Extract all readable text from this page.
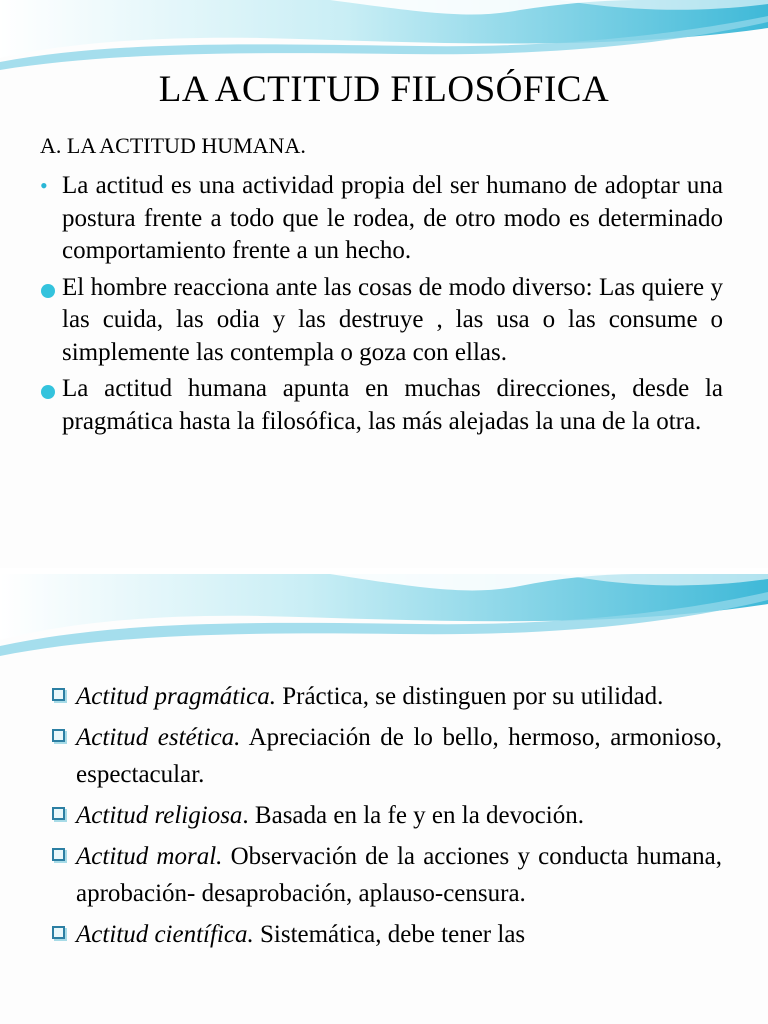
LA ACTITUD FILOSÓFICA
A. LA ACTITUD HUMANA.
• La actitud es una actividad propia del ser humano de adoptar una postura frente a todo que le rodea, de otro modo es determinado comportamiento frente a un hecho.
El hombre reacciona ante las cosas de modo diverso: Las quiere y las cuida, las odia y las destruye , las usa o las consume o simplemente las contempla o goza con ellas.
La actitud humana apunta en muchas direcciones, desde la pragmática hasta la filosófica, las más alejadas la una de la otra.
Actitud pragmática. Práctica, se distinguen por su utilidad.
Actitud estética. Apreciación de lo bello, hermoso, armonioso, espectacular.
Actitud religiosa. Basada en la fe y en la devoción.
Actitud moral. Observación de la acciones y conducta humana, aprobación- desaprobación, aplauso-censura.
Actitud científica. Sistemática, debe tener las
